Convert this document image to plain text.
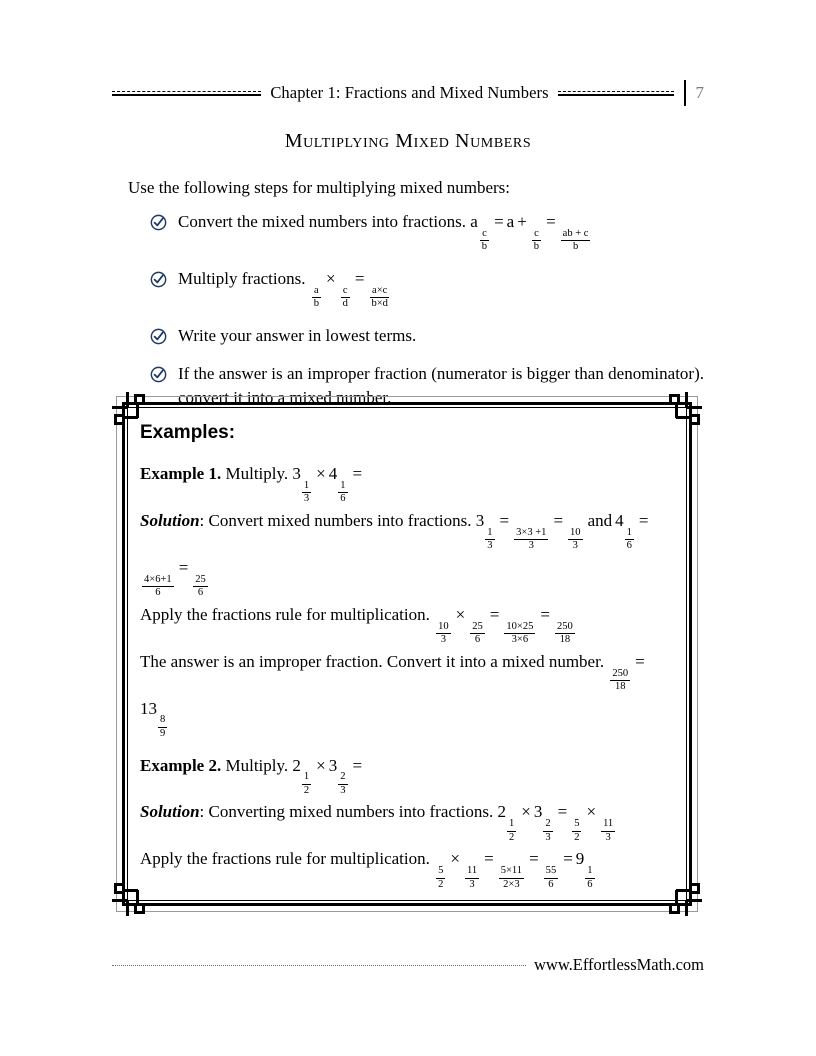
Chapter 1: Fractions and Mixed Numbers	7
Multiplying Mixed Numbers
Use the following steps for multiplying mixed numbers:
Convert the mixed numbers into fractions. a
$\frac{c}{b}$
= a +
$\frac{c}{b}$
=
$\frac{ab + c}{b}$
Multiply fractions.
$\frac{a}{b}$
×
$\frac{c}{d}$
=
$\frac{a\times c}{b\times d}$
Write your answer in lowest terms.
If the answer is an improper fraction (numerator is bigger than denominator). convert it into a mixed number.
Examples:
Example 1. Multiply. 3
$\frac{1}{3}$
× 4
$\frac{1}{6}$
=
Solution: Convert mixed numbers into fractions. 3
$\frac{1}{3}$
=
$\frac{3\times 3 +1}{3}$
=
$\frac{10}{3}$
and 4
$\frac{1}{6}$
=
$\frac{4\times 6+1}{6}$
=
$\frac{25}{6}$
Apply the fractions rule for multiplication.
$\frac{10}{3}$
×
$\frac{25}{6}$
=
$\frac{10\times 25}{3\times 6}$
=
$\frac{250}{18}$
The answer is an improper fraction. Convert it into a mixed number.
$\frac{250}{18}$
=
13
$\frac{8}{9}$
Example 2. Multiply. 2
$\frac{1}{2}$
× 3
$\frac{2}{3}$
=
Solution: Converting mixed numbers into fractions. 2
$\frac{1}{2}$
× 3
$\frac{2}{3}$
=
$\frac{5}{2}$
×
$\frac{11}{3}$
Apply the fractions rule for multiplication.
$\frac{5}{2}$
×
$\frac{11}{3}$
=
$\frac{5\times 11}{2\times 3}$
=
$\frac{55}{6}$
= 9
$\frac{1}{6}$
www.EffortlessMath.com
